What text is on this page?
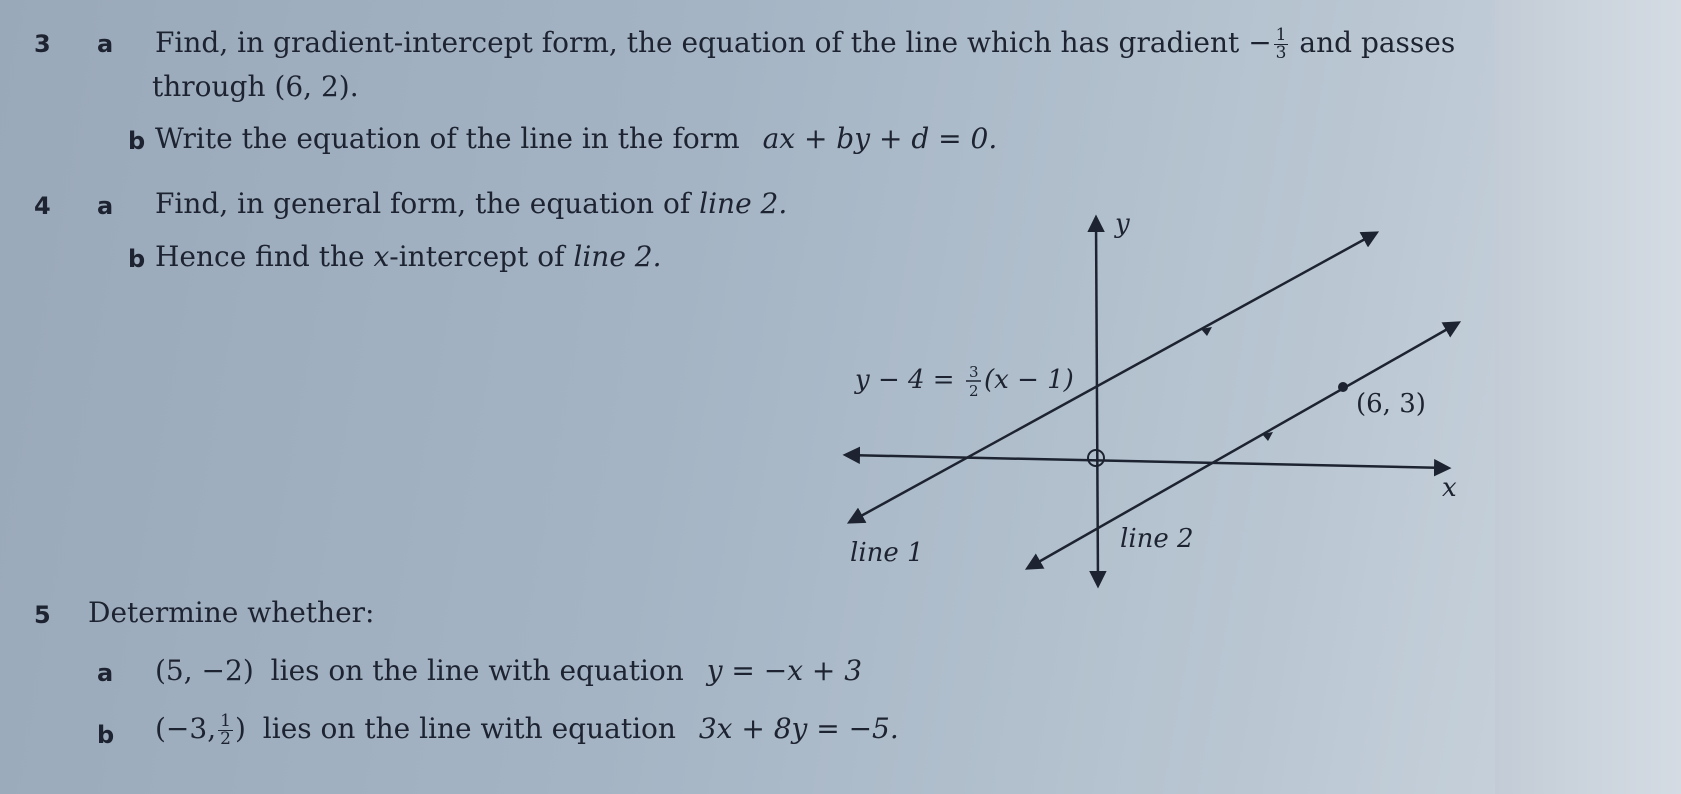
3 a Find, in gradient-intercept form, the equation of the line which has gradient − $\frac{1}{3}$ and passes
through (6, 2).
b Write the equation of the line in the form ax + by + d = 0.
4 a Find, in general form, the equation of line 2.
b Hence find the x-intercept of line 2.
y
x
y − 4 = 3
2 (x − 1)
(6, 3)
line 1	line 2
5 Determine whether:
a (5, −2) lies on the line with equation y = −x + 3
b (−3, $\frac{1}{2}$ ) lies on the line with equation 3x + 8y = −5.
